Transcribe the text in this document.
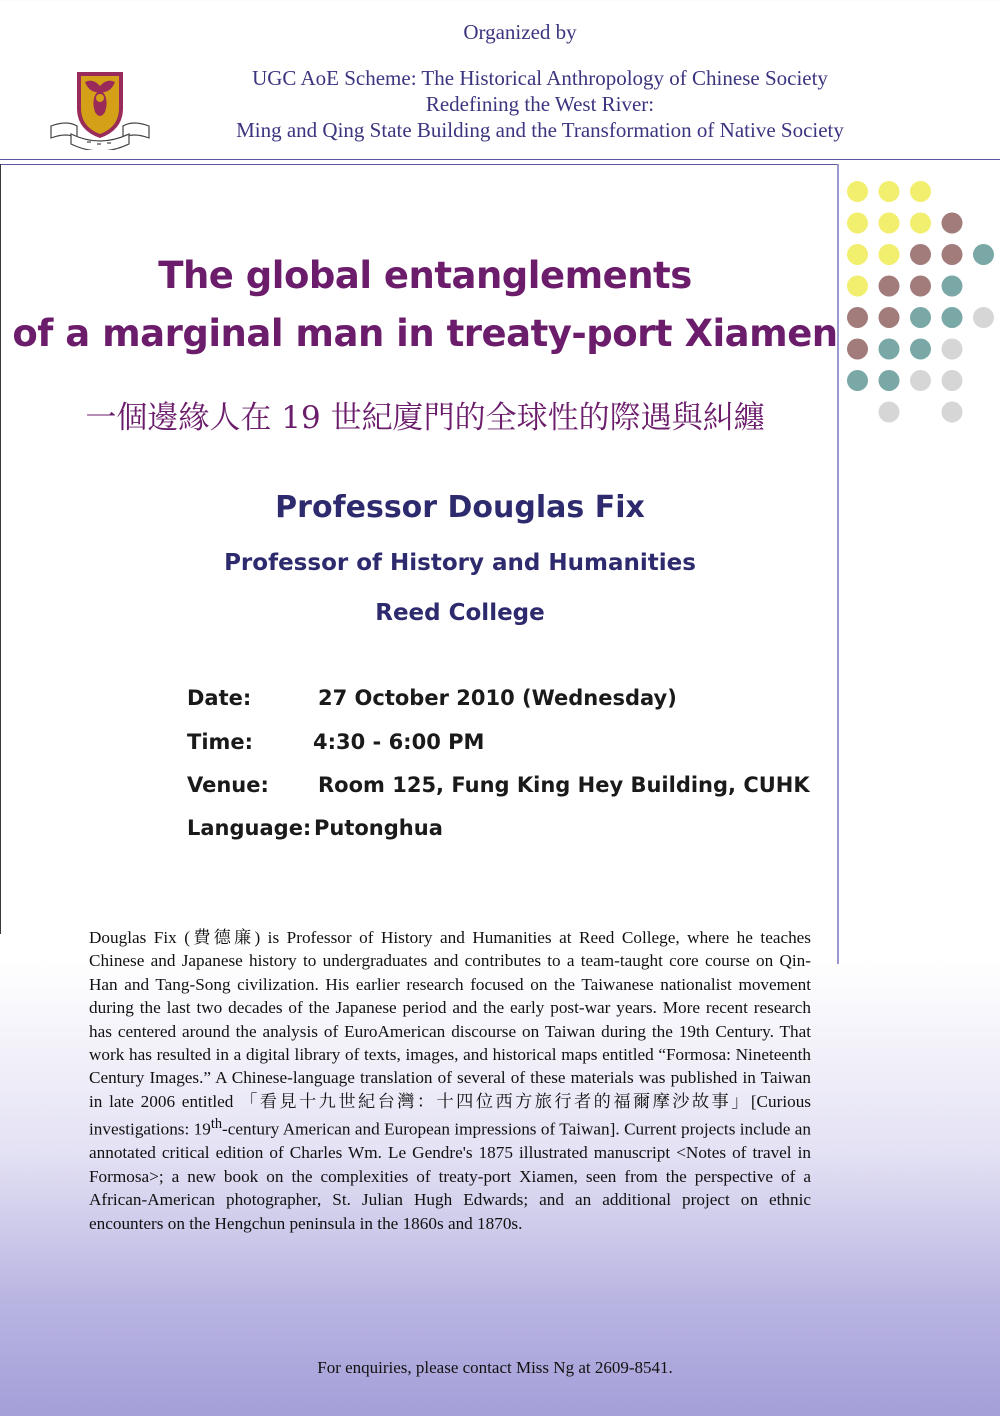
Organized by
UGC AoE Scheme: The Historical Anthropology of Chinese Society
Redefining the West River:
Ming and Qing State Building and the Transformation of Native Society
The global entanglements
of a marginal man in treaty-port Xiamen
一個邊緣人在 19 世紀廈門的全球性的際遇與糾纏
Professor Douglas Fix
Professor of History and Humanities
Reed College
Date:	27 October 2010 (Wednesday)
Time:	4:30 - 6:00 PM
Venue: Room 125, Fung King Hey Building, CUHK
Language: Putonghua

Douglas Fix (費德廉) is Professor of History and Humanities at Reed College, where he teaches Chinese and Japanese history to undergraduates and contributes to a team-taught core course on Qin-Han and Tang-Song civilization. His earlier research focused on the Taiwanese nationalist movement during the last two decades of the Japanese period and the early post-war years. More recent research has centered around the analysis of EuroAmerican discourse on Taiwan during the 19th Century. That work has resulted in a digital library of texts, images, and historical maps entitled “Formosa: Nineteenth Century Images.” A Chinese-language translation of several of these materials was published in Taiwan in late 2006 entitled 「看見十九世紀台灣：十四位西方旅行者的福爾摩沙故事」[Curious investigations: 19th-century American and European impressions of Taiwan]. Current projects include an annotated critical edition of Charles Wm. Le Gendre's 1875 illustrated manuscript <Notes of travel in Formosa>; a new book on the complexities of treaty-port Xiamen, seen from the perspective of a African-American photographer, St. Julian Hugh Edwards; and an additional project on ethnic encounters on the Hengchun peninsula in the 1860s and 1870s.

For enquiries, please contact Miss Ng at 2609-8541.
